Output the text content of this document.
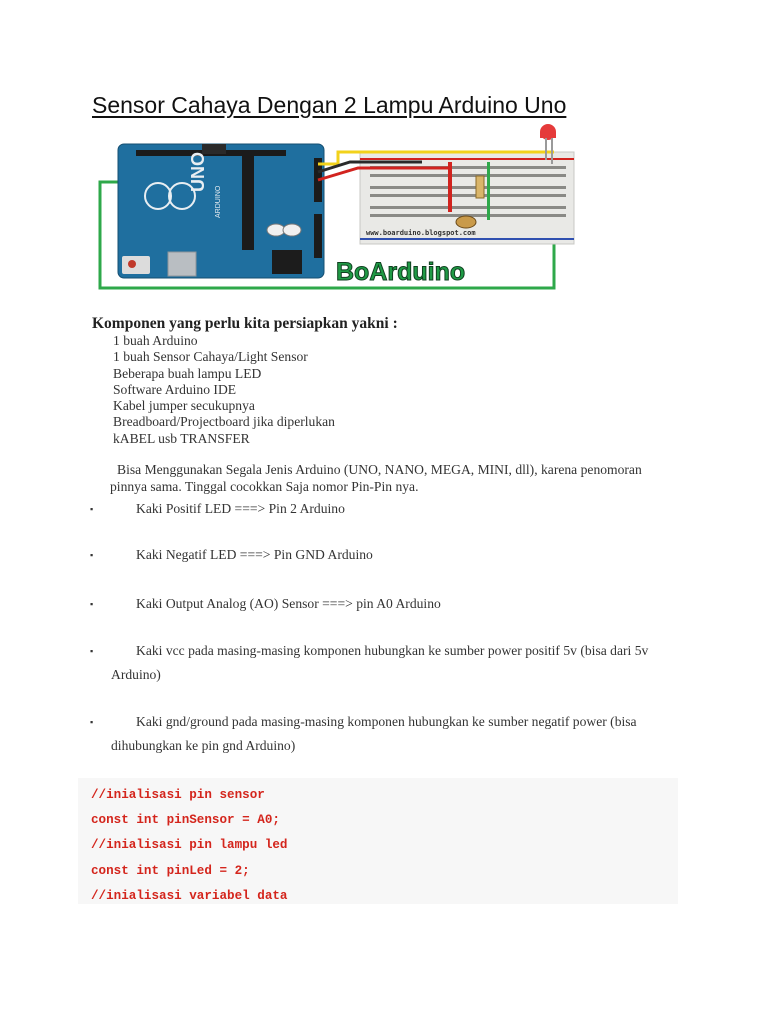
Sensor Cahaya Dengan 2 Lampu Arduino Uno
www.boarduino.blogspot.com
UNO
ARDUINO
BoArduino

Komponen yang perlu kita persiapkan yakni :

1 buah Arduino
1 buah Sensor Cahaya/Light Sensor
Beberapa buah lampu LED
Software Arduino IDE
Kabel jumper secukupnya
Breadboard/Projectboard jika diperlukan
kABEL usb TRANSFER

Bisa Menggunakan Segala Jenis Arduino (UNO, NANO, MEGA, MINI, dll), karena penomoran pinnya sama. Tinggal cocokkan Saja nomor Pin-Pin nya.

▪	Kaki Positif LED ===> Pin 2 Arduino
▪	Kaki Negatif LED ===> Pin GND Arduino
▪	Kaki Output Analog (AO) Sensor ===> pin A0 Arduino
▪	Kaki vcc pada masing-masing komponen hubungkan ke sumber power positif 5v (bisa dari 5v Arduino)
▪	Kaki gnd/ground pada masing-masing komponen hubungkan ke sumber negatif power (bisa dihubungkan ke pin gnd Arduino)
//inialisasi pin sensor
const int pinSensor = A0;
//inialisasi pin lampu led
const int pinLed = 2;
//inialisasi variabel data
